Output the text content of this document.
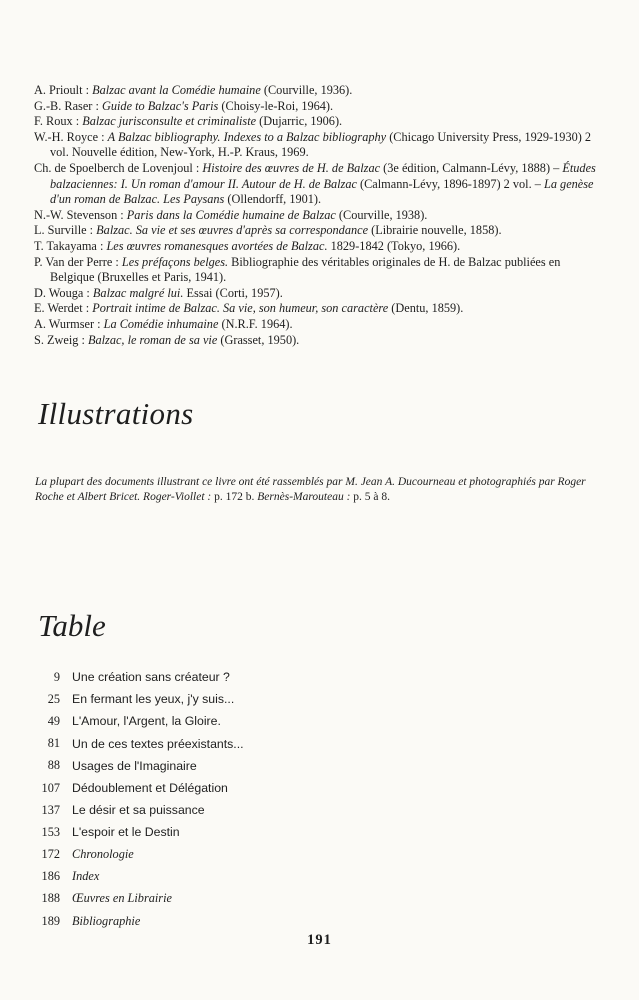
A. Prioult : Balzac avant la Comédie humaine (Courville, 1936).
G.-B. Raser : Guide to Balzac's Paris (Choisy-le-Roi, 1964).
F. Roux : Balzac jurisconsulte et criminaliste (Dujarric, 1906).
W.-H. Royce : A Balzac bibliography. Indexes to a Balzac bibliography (Chicago University Press, 1929-1930) 2 vol. Nouvelle édition, New-York, H.-P. Kraus, 1969.
Ch. de Spoelberch de Lovenjoul : Histoire des œuvres de H. de Balzac (3e édition, Calmann-Lévy, 1888) – Études balzaciennes: I. Un roman d'amour II. Autour de H. de Balzac (Calmann-Lévy, 1896-1897) 2 vol. – La genèse d'un roman de Balzac. Les Paysans (Ollendorff, 1901).
N.-W. Stevenson : Paris dans la Comédie humaine de Balzac (Courville, 1938).
L. Surville : Balzac. Sa vie et ses œuvres d'après sa correspondance (Librairie nouvelle, 1858).
T. Takayama : Les œuvres romanesques avortées de Balzac. 1829-1842 (Tokyo, 1966).
P. Van der Perre : Les préfaçons belges. Bibliographie des véritables originales de H. de Balzac publiées en Belgique (Bruxelles et Paris, 1941).
D. Wouga : Balzac malgré lui. Essai (Corti, 1957).
E. Werdet : Portrait intime de Balzac. Sa vie, son humeur, son caractère (Dentu, 1859).
A. Wurmser : La Comédie inhumaine (N.R.F. 1964).
S. Zweig : Balzac, le roman de sa vie (Grasset, 1950).
Illustrations

La plupart des documents illustrant ce livre ont été rassemblés par M. Jean A. Ducourneau et photographiés par Roger Roche et Albert Bricet. Roger-Viollet : p. 172 b. Bernès-Marouteau : p. 5 à 8.

Table
9 Une création sans créateur ?
25 En fermant les yeux, j'y suis...
49 L'Amour, l'Argent, la Gloire.
81 Un de ces textes préexistants...
88 Usages de l'Imaginaire
107 Dédoublement et Délégation
137 Le désir et sa puissance
153 L'espoir et le Destin
172 Chronologie
186 Index
188 Œuvres en Librairie
189 Bibliographie
191
